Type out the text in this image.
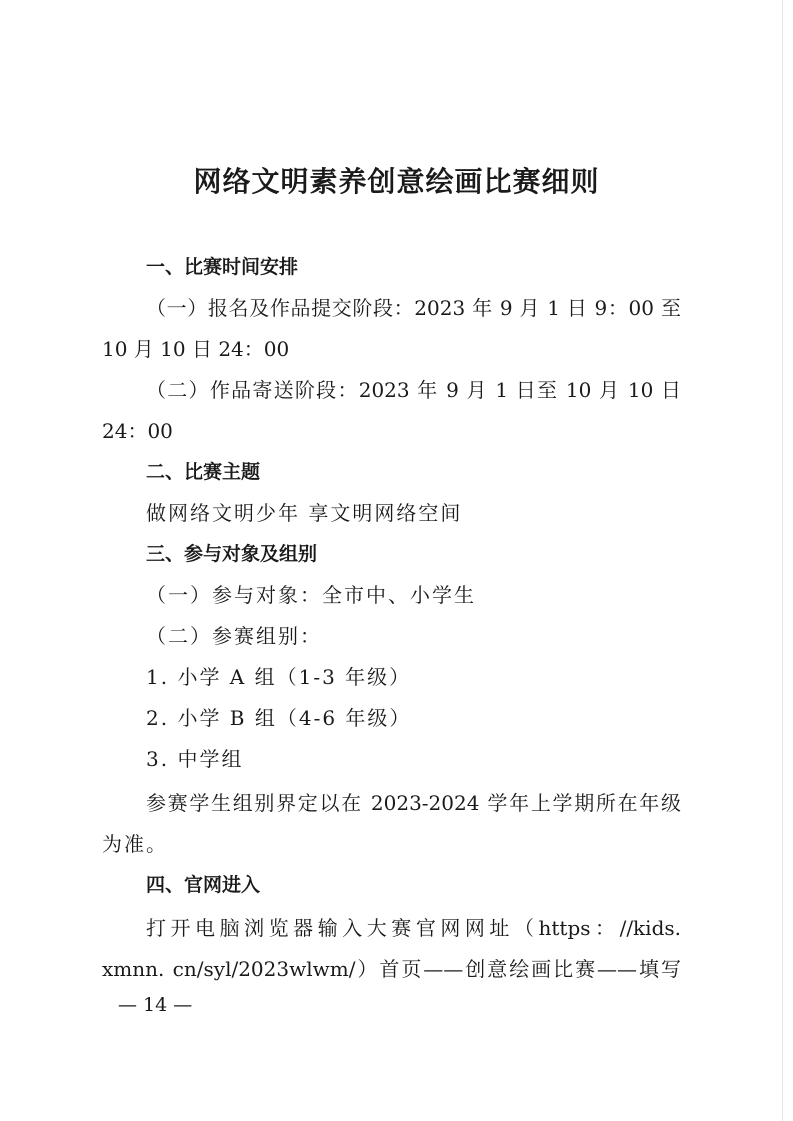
网络文明素养创意绘画比赛细则

一、比赛时间安排

（一）报名及作品提交阶段：2023 年 9 月 1 日 9：00 至

10 月 10 日 24：00

（二）作品寄送阶段：2023 年 9 月 1 日至 10 月 10 日

24：00

二、比赛主题

做网络文明少年 享文明网络空间

三、参与对象及组别

（一）参与对象：全市中、小学生

（二）参赛组别：

1. 小学 A 组（1-3 年级）

2. 小学 B 组（4-6 年级）

3. 中学组

参赛学生组别界定以在 2023-2024 学年上学期所在年级

为准。

四、官网进入

打开电脑浏览器输入大赛官网网址（https：//kids.

xmnn. cn/syl/2023wlwm/）首页——创意绘画比赛——填写

— 14 —
